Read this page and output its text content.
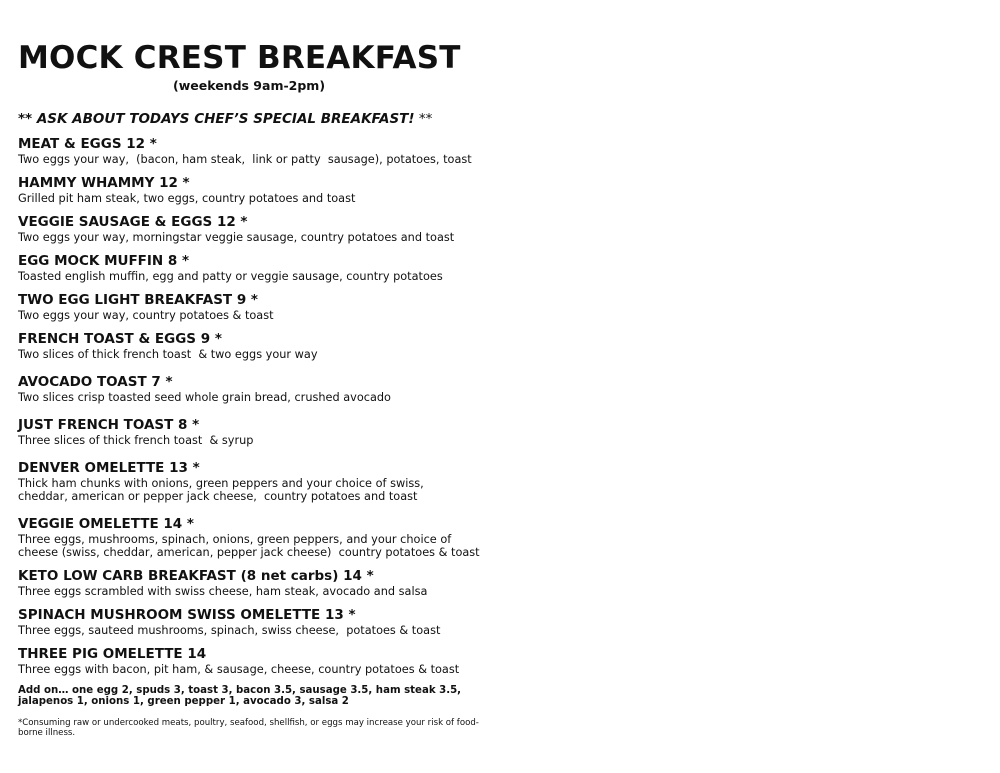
MOCK CREST BREAKFAST
(weekends 9am-2pm)
** ASK ABOUT TODAYS CHEF’S SPECIAL BREAKFAST! **
MEAT & EGGS 12 *
Two eggs your way,  (bacon, ham steak,  link or patty  sausage), potatoes, toast
HAMMY WHAMMY 12 *
Grilled pit ham steak, two eggs, country potatoes and toast
VEGGIE SAUSAGE & EGGS 12 *
Two eggs your way, morningstar veggie sausage, country potatoes and toast
EGG MOCK MUFFIN 8 *
Toasted english muffin, egg and patty or veggie sausage, country potatoes
TWO EGG LIGHT BREAKFAST 9 *
Two eggs your way, country potatoes & toast
FRENCH TOAST & EGGS 9 *
Two slices of thick french toast  & two eggs your way
AVOCADO TOAST 7 *
Two slices crisp toasted seed whole grain bread, crushed avocado
JUST FRENCH TOAST 8 *
Three slices of thick french toast  & syrup
DENVER OMELETTE 13 *
Thick ham chunks with onions, green peppers and your choice of swiss,
cheddar, american or pepper jack cheese,  country potatoes and toast
VEGGIE OMELETTE 14 *
Three eggs, mushrooms, spinach, onions, green peppers, and your choice of
cheese (swiss, cheddar, american, pepper jack cheese)  country potatoes & toast
KETO LOW CARB BREAKFAST (8 net carbs) 14 *
Three eggs scrambled with swiss cheese, ham steak, avocado and salsa
SPINACH MUSHROOM SWISS OMELETTE 13 *
Three eggs, sauteed mushrooms, spinach, swiss cheese,  potatoes & toast
THREE PIG OMELETTE 14
Three eggs with bacon, pit ham, & sausage, cheese, country potatoes & toast
Add on… one egg 2, spuds 3, toast 3, bacon 3.5, sausage 3.5, ham steak 3.5, jalapenos 1, onions 1, green pepper 1, avocado 3, salsa 2
*Consuming raw or undercooked meats, poultry, seafood, shellfish, or eggs may increase your risk of food-borne illness.
